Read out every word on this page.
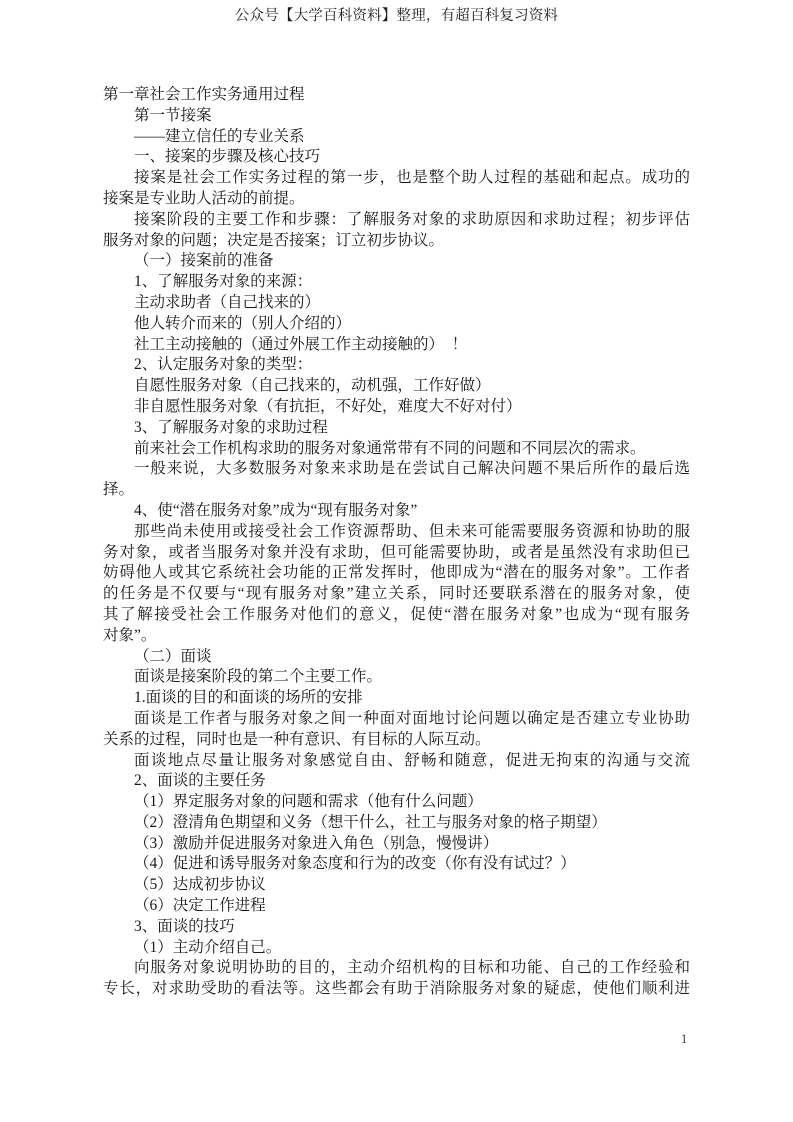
公众号【大学百科资料】整理，有超百科复习资料
第一章社会工作实务通用过程
第一节接案
——建立信任的专业关系
一、接案的步骤及核心技巧
接案是社会工作实务过程的第一步，也是整个助人过程的基础和起点。成功的
接案是专业助人活动的前提。
接案阶段的主要工作和步骤：了解服务对象的求助原因和求助过程；初步评估
服务对象的问题；决定是否接案；订立初步协议。
（一）接案前的准备
1、了解服务对象的来源：
主动求助者（自己找来的）
他人转介而来的（别人介绍的）
社工主动接触的（通过外展工作主动接触的）　！
2、认定服务对象的类型：
自愿性服务对象（自己找来的，动机强，工作好做）
非自愿性服务对象（有抗拒，不好处，难度大不好对付）
3、了解服务对象的求助过程
前来社会工作机构求助的服务对象通常带有不同的问题和不同层次的需求。
一般来说，大多数服务对象来求助是在尝试自己解决问题不果后所作的最后选
择。
4、使“潜在服务对象”成为“现有服务对象”
那些尚未使用或接受社会工作资源帮助、但未来可能需要服务资源和协助的服
务对象，或者当服务对象并没有求助，但可能需要协助，或者是虽然没有求助但已
妨碍他人或其它系统社会功能的正常发挥时，他即成为“潜在的服务对象”。工作者
的任务是不仅要与“现有服务对象”建立关系，同时还要联系潜在的服务对象，使
其了解接受社会工作服务对他们的意义，促使“潜在服务对象”也成为“现有服务
对象”。
（二）面谈
面谈是接案阶段的第二个主要工作。
1.面谈的目的和面谈的场所的安排
面谈是工作者与服务对象之间一种面对面地讨论问题以确定是否建立专业协助
关系的过程，同时也是一种有意识、有目标的人际互动。
面谈地点尽量让服务对象感觉自由、舒畅和随意，促进无拘束的沟通与交流
2、面谈的主要任务
（1）界定服务对象的问题和需求（他有什么问题）
（2）澄清角色期望和义务（想干什么，社工与服务对象的格子期望）
（3）激励并促进服务对象进入角色（别急，慢慢讲）
（4）促进和诱导服务对象态度和行为的改变（你有没有试过？）
（5）达成初步协议
（6）决定工作进程
3、面谈的技巧
（1）主动介绍自己。
向服务对象说明协助的目的，主动介绍机构的目标和功能、自己的工作经验和
专长，对求助受助的看法等。这些都会有助于消除服务对象的疑虑，使他们顺利进
1
